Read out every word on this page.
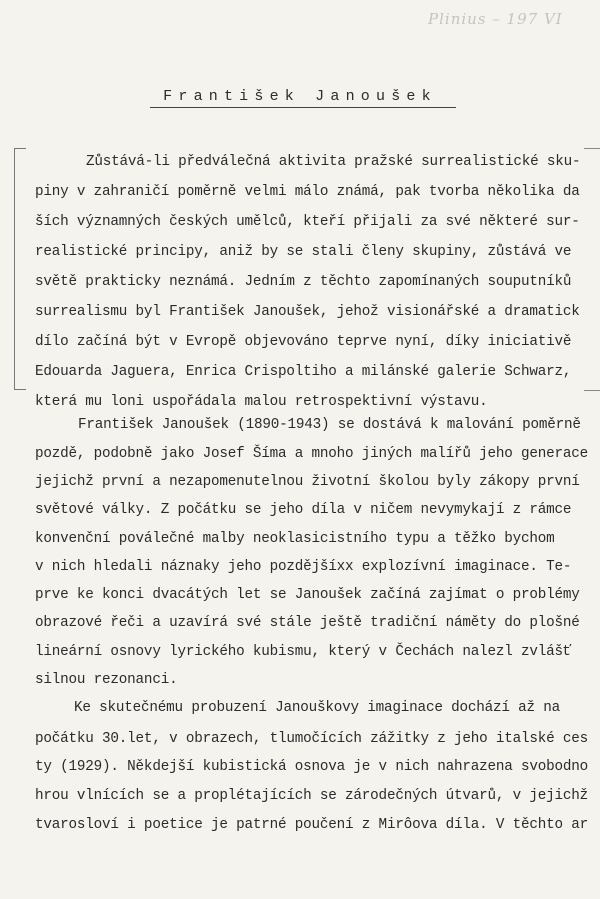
Plinius – 197 VI
František Janoušek
Zůstává-li předválečná aktivita pražské surrealistické sku-
piny v zahraničí poměrně velmi málo známá, pak tvorba několika da
ších významných českých umělců, kteří přijali za své některé sur-
realistické principy, aniž by se stali členy skupiny, zůstává ve
světě prakticky neznámá. Jedním z těchto zapomínaných souputníků
surrealismu byl František Janoušek, jehož visionářské a dramatick
dílo začíná být v Evropě objevováno teprve nyní, díky iniciativě
Edouarda Jaguera, Enrica Crispoltiho a milánské galerie Schwarz,
která mu loni uspořádala malou retrospektivní výstavu.
František Janoušek (1890-1943) se dostává k malování poměrně
pozdě, podobně jako Josef Šíma a mnoho jiných malířů jeho generace
jejichž první a nezapomenutelnou životní školou byly zákopy první
světové války. Z počátku se jeho díla v ničem nevymykají z rámce
konvenční poválečné malby neoklasicistního typu a těžko bychom
v nich hledali náznaky jeho pozdějšíxx explozívní imaginace. Te-
prve ke konci dvacátých let se Janoušek začíná zajímat o problémy
obrazové řeči a uzavírá své stále ještě tradiční náměty do plošné
lineární osnovy lyrického kubismu, který v Čechách nalezl zvlášť
silnou rezonanci.
Ke skutečnému probuzení Janouškovy imaginace dochází až na
počátku 30.let, v obrazech, tlumočících zážitky z jeho italské ces
ty (1929). Někdejší kubistická osnova je v nich nahrazena svobodno
hrou vlnících se a proplétajících se zárodečných útvarů, v jejichž
tvarosloví i poetice je patrné poučení z Mirôova díla. V těchto ar
